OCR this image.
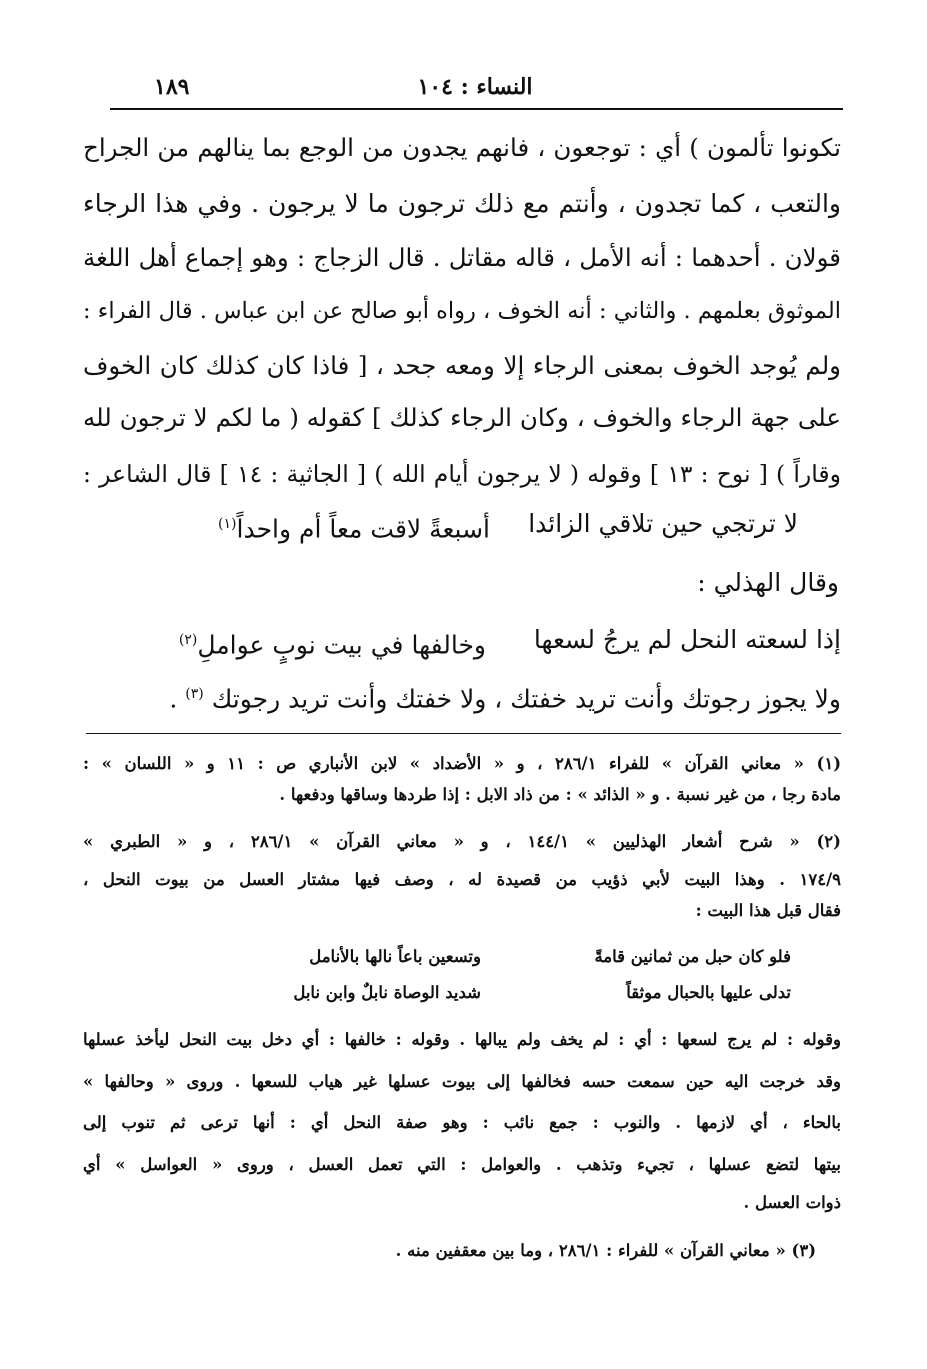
١٨٩	النساء : ١٠٤
تكونوا تألمون ) أي : توجعون ، فانهم يجدون من الوجع بما ينالهم من الجراح
والتعب ، كما تجدون ، وأنتم مع ذلك ترجون ما لا يرجون . وفي هذا الرجاء
قولان . أحدهما : أنه الأمل ، قاله مقاتل . قال الزجاج : وهو إجماع أهل اللغة
الموثوق بعلمهم . والثاني : أنه الخوف ، رواه أبو صالح عن ابن عباس . قال الفراء :
ولم يُوجد الخوف بمعنى الرجاء إلا ومعه جحد ، [ فاذا كان كذلك كان الخوف
على جهة الرجاء والخوف ، وكان الرجاء كذلك ] كقوله ( ما لكم لا ترجون لله
وقاراً ) [ نوح : ١٣ ] وقوله ( لا يرجون أيام الله ) [ الجاثية : ١٤ ] قال الشاعر :
لا ترتجي حين تلاقي الزائدا
أسبعةً لاقت معاً أم واحداً$^{(١)}$
وقال الهذلي :
إذا لسعته النحل لم يرجُ لسعها
وخالفها في بيت نوبٍ عواملِ$^{(٢)}$
ولا يجوز رجوتك وأنت تريد خفتك ، ولا خفتك وأنت تريد رجوتك $^{(٣)}$ .
(١) « معاني القرآن » للفراء ٢٨٦/١ ، و « الأضداد » لابن الأنباري ص : ١١ و « اللسان » :
مادة رجا ، من غير نسبة . و « الذائد » : من ذاد الابل : إذا طردها وساقها ودفعها .
(٢) « شرح أشعار الهذليين » ١٤٤/١ ، و « معاني القرآن » ٢٨٦/١ ، و « الطبري »
١٧٤/٩ . وهذا البيت لأبي ذؤيب من قصيدة له ، وصف فيها مشتار العسل من بيوت النحل ،
فقال قبل هذا البيت :
فلو كان حبل من ثمانين قامةً
وتسعين باعاً نالها بالأنامل
تدلى عليها بالحبال موثقاً
شديد الوصاة نابلٌ وابن نابل
وقوله : لم يرج لسعها : أي : لم يخف ولم يبالها . وقوله : خالفها : أي دخل بيت النحل ليأخذ عسلها
وقد خرجت اليه حين سمعت حسه فخالفها إلى بيوت عسلها غير هياب للسعها . وروى « وحالفها »
بالحاء ، أي لازمها . والنوب : جمع نائب : وهو صفة النحل أي : أنها ترعى ثم تنوب إلى
بيتها لتضع عسلها ، تجيء وتذهب . والعوامل : التي تعمل العسل ، وروى « العواسل » أي
ذوات العسل .
(٣) « معاني القرآن » للفراء : ٢٨٦/١ ، وما بين معقفين منه .
